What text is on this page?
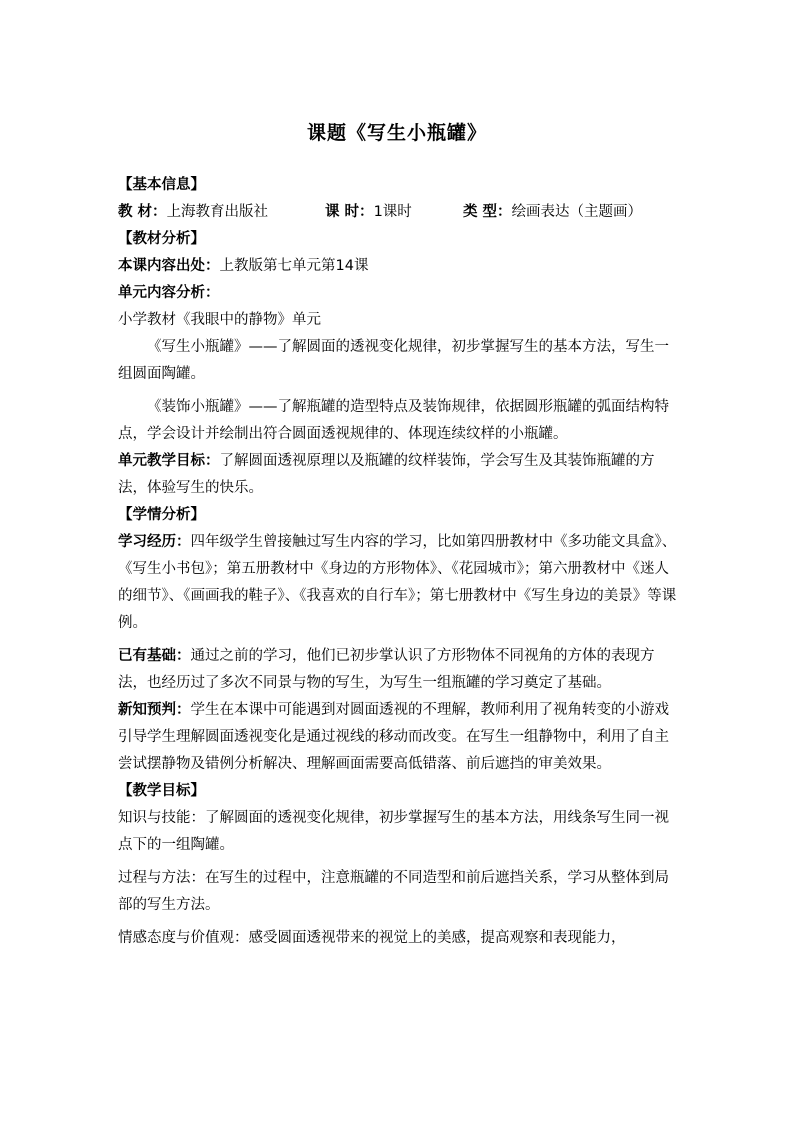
课题《写生小瓶罐》
【基本信息】
教 材：上海教育出版社	课 时：1课时	类 型：绘画表达（主题画）
【教材分析】
本课内容出处：上教版第七单元第14课
单元内容分析：
小学教材《我眼中的静物》单元
《写生小瓶罐》——了解圆面的透视变化规律，初步掌握写生的基本方法，写生一组圆面陶罐。
《装饰小瓶罐》——了解瓶罐的造型特点及装饰规律，依据圆形瓶罐的弧面结构特点，学会设计并绘制出符合圆面透视规律的、体现连续纹样的小瓶罐。
单元教学目标：了解圆面透视原理以及瓶罐的纹样装饰，学会写生及其装饰瓶罐的方法，体验写生的快乐。
【学情分析】
学习经历：四年级学生曾接触过写生内容的学习，比如第四册教材中《多功能文具盒》、《写生小书包》；第五册教材中《身边的方形物体》、《花园城市》；第六册教材中《迷人的细节》、《画画我的鞋子》、《我喜欢的自行车》；第七册教材中《写生身边的美景》等课例。
已有基础：通过之前的学习，他们已初步掌认识了方形物体不同视角的方体的表现方法，也经历过了多次不同景与物的写生，为写生一组瓶罐的学习奠定了基础。
新知预判：学生在本课中可能遇到对圆面透视的不理解，教师利用了视角转变的小游戏引导学生理解圆面透视变化是通过视线的移动而改变。在写生一组静物中，利用了自主尝试摆静物及错例分析解决、理解画面需要高低错落、前后遮挡的审美效果。
【教学目标】
知识与技能：了解圆面的透视变化规律，初步掌握写生的基本方法，用线条写生同一视点下的一组陶罐。
过程与方法：在写生的过程中，注意瓶罐的不同造型和前后遮挡关系，学习从整体到局部的写生方法。
情感态度与价值观：感受圆面透视带来的视觉上的美感，提高观察和表现能力，
